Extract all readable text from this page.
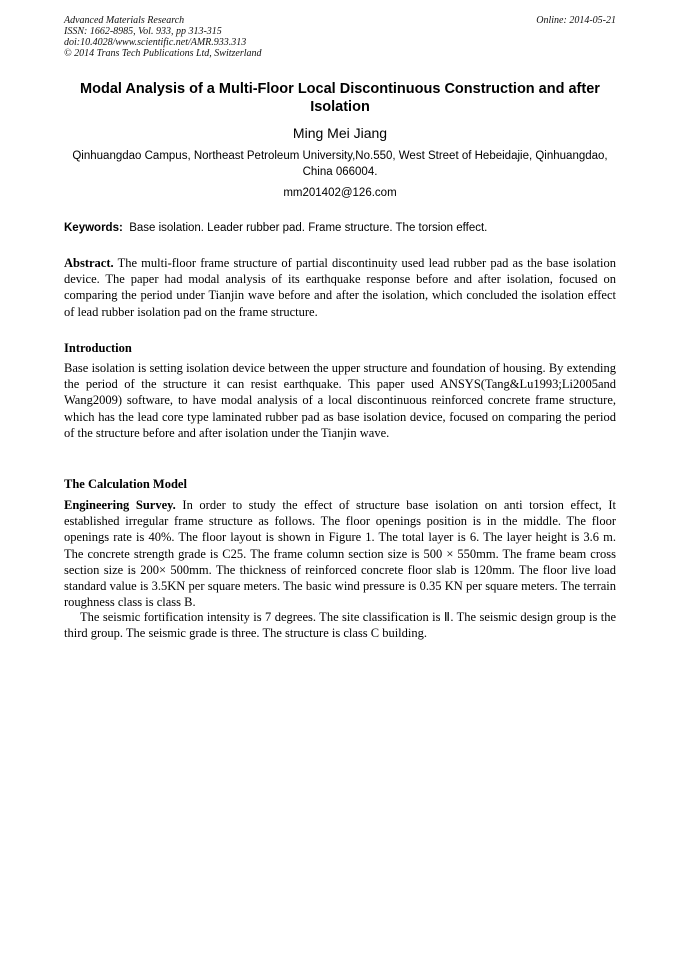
Advanced Materials Research
ISSN: 1662-8985, Vol. 933, pp 313-315
doi:10.4028/www.scientific.net/AMR.933.313
© 2014 Trans Tech Publications Ltd, Switzerland
Online: 2014-05-21
Modal Analysis of a Multi-Floor Local Discontinuous Construction and after Isolation
Ming Mei Jiang
Qinhuangdao Campus, Northeast Petroleum University,No.550, West Street of Hebeidajie, Qinhuangdao, China 066004.
mm201402@126.com
Keywords: Base isolation. Leader rubber pad. Frame structure. The torsion effect.
Abstract. The multi-floor frame structure of partial discontinuity used lead rubber pad as the base isolation device. The paper had modal analysis of its earthquake response before and after isolation, focused on comparing the period under Tianjin wave before and after the isolation, which concluded the isolation effect of lead rubber isolation pad on the frame structure.
Introduction
Base isolation is setting isolation device between the upper structure and foundation of housing. By extending the period of the structure it can resist earthquake. This paper used ANSYS(Tang&Lu1993;Li2005and Wang2009) software, to have modal analysis of a local discontinuous reinforced concrete frame structure, which has the lead core type laminated rubber pad as base isolation device, focused on comparing the period of the structure before and after isolation under the Tianjin wave.
The Calculation Model
Engineering Survey. In order to study the effect of structure base isolation on anti torsion effect, It established irregular frame structure as follows. The floor openings position is in the middle. The floor openings rate is 40%. The floor layout is shown in Figure 1. The total layer is 6. The layer height is 3.6 m. The concrete strength grade is C25. The frame column section size is 500 × 550mm. The frame beam cross section size is 200× 500mm. The thickness of reinforced concrete floor slab is 120mm. The floor live load standard value is 3.5KN per square meters. The basic wind pressure is 0.35 KN per square meters. The terrain roughness class is class B.
The seismic fortification intensity is 7 degrees. The site classification is Ⅱ. The seismic design group is the third group. The seismic grade is three. The structure is class C building.
